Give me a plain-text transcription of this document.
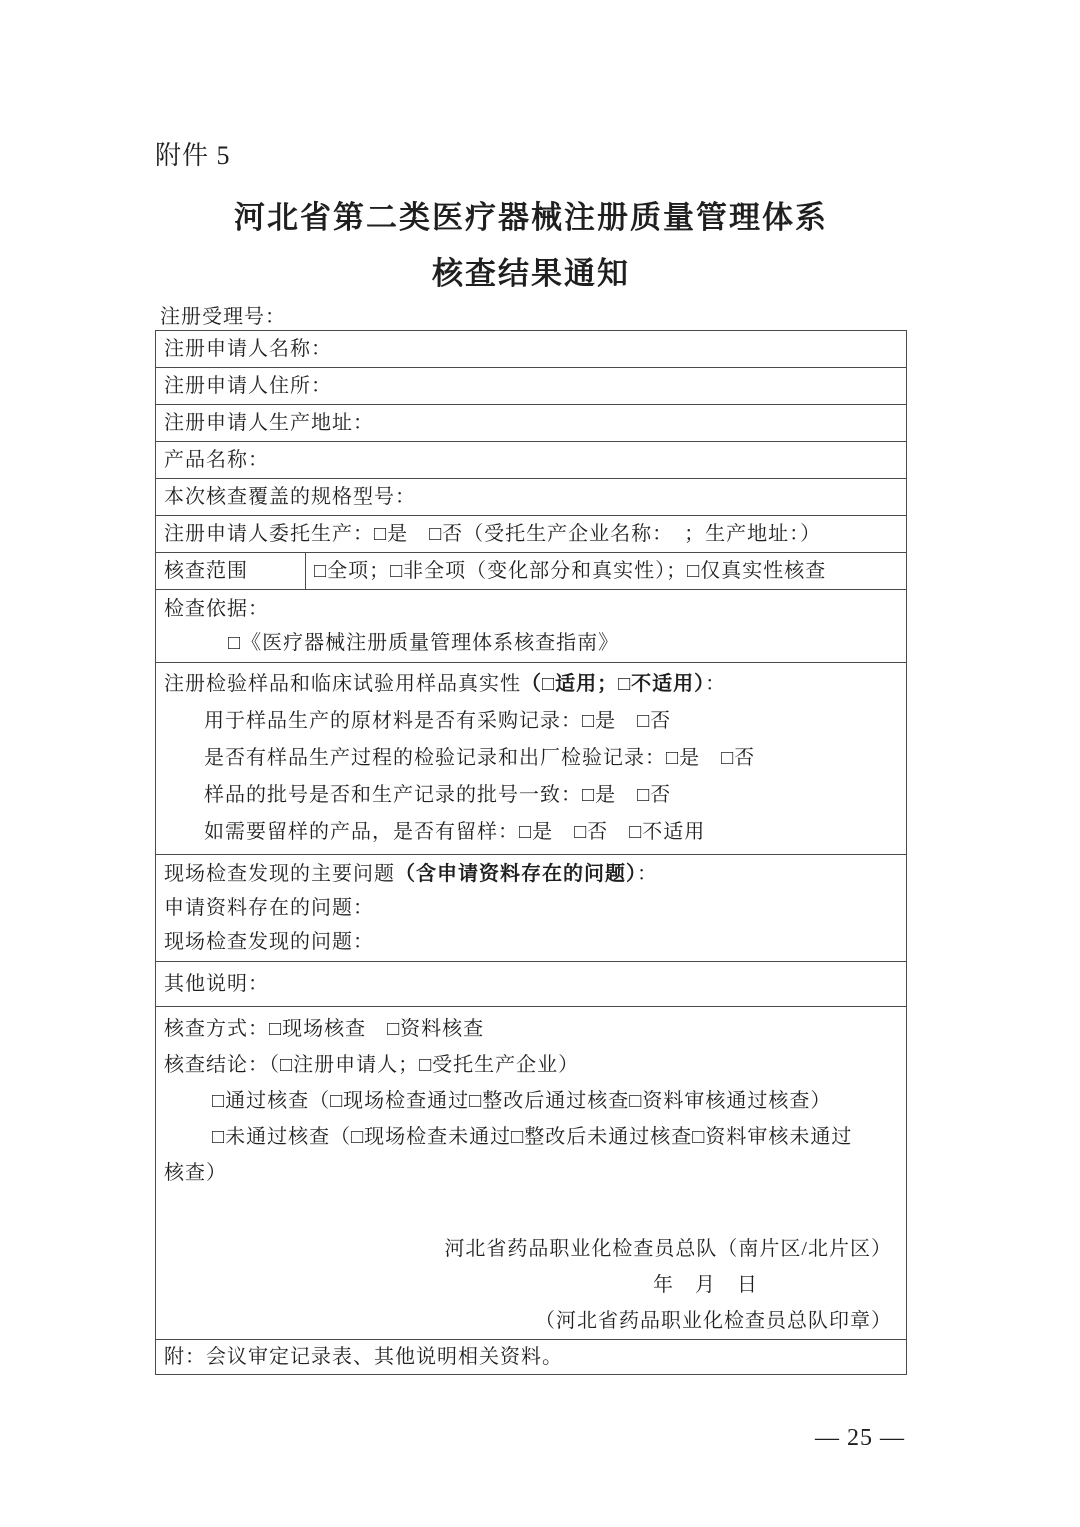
附件 5
河北省第二类医疗器械注册质量管理体系
核查结果通知
注册受理号：
注册申请人名称：
注册申请人住所：
注册申请人生产地址：
产品名称：
本次核查覆盖的规格型号：
注册申请人委托生产：□是　□否（受托生产企业名称：　；生产地址：）
核查范围	□全项；□非全项（变化部分和真实性）；□仅真实性核查
检查依据：
□《医疗器械注册质量管理体系核查指南》
注册检验样品和临床试验用样品真实性（□适用；□不适用）：
用于样品生产的原材料是否有采购记录：□是　□否
是否有样品生产过程的检验记录和出厂检验记录：□是　□否
样品的批号是否和生产记录的批号一致：□是　□否
如需要留样的产品，是否有留样：□是　□否　□不适用
现场检查发现的主要问题（含申请资料存在的问题）：
申请资料存在的问题：
现场检查发现的问题：
其他说明：
核查方式：□现场核查　□资料核查
核查结论：（□注册申请人；□受托生产企业）
□通过核查（□现场检查通过□整改后通过核查□资料审核通过核查）
□未通过核查（□现场检查未通过□整改后未通过核查□资料审核未通过
核查）
河北省药品职业化检查员总队（南片区/北片区）
年　月　日
（河北省药品职业化检查员总队印章）
附：会议审定记录表、其他说明相关资料。
— 25 —
